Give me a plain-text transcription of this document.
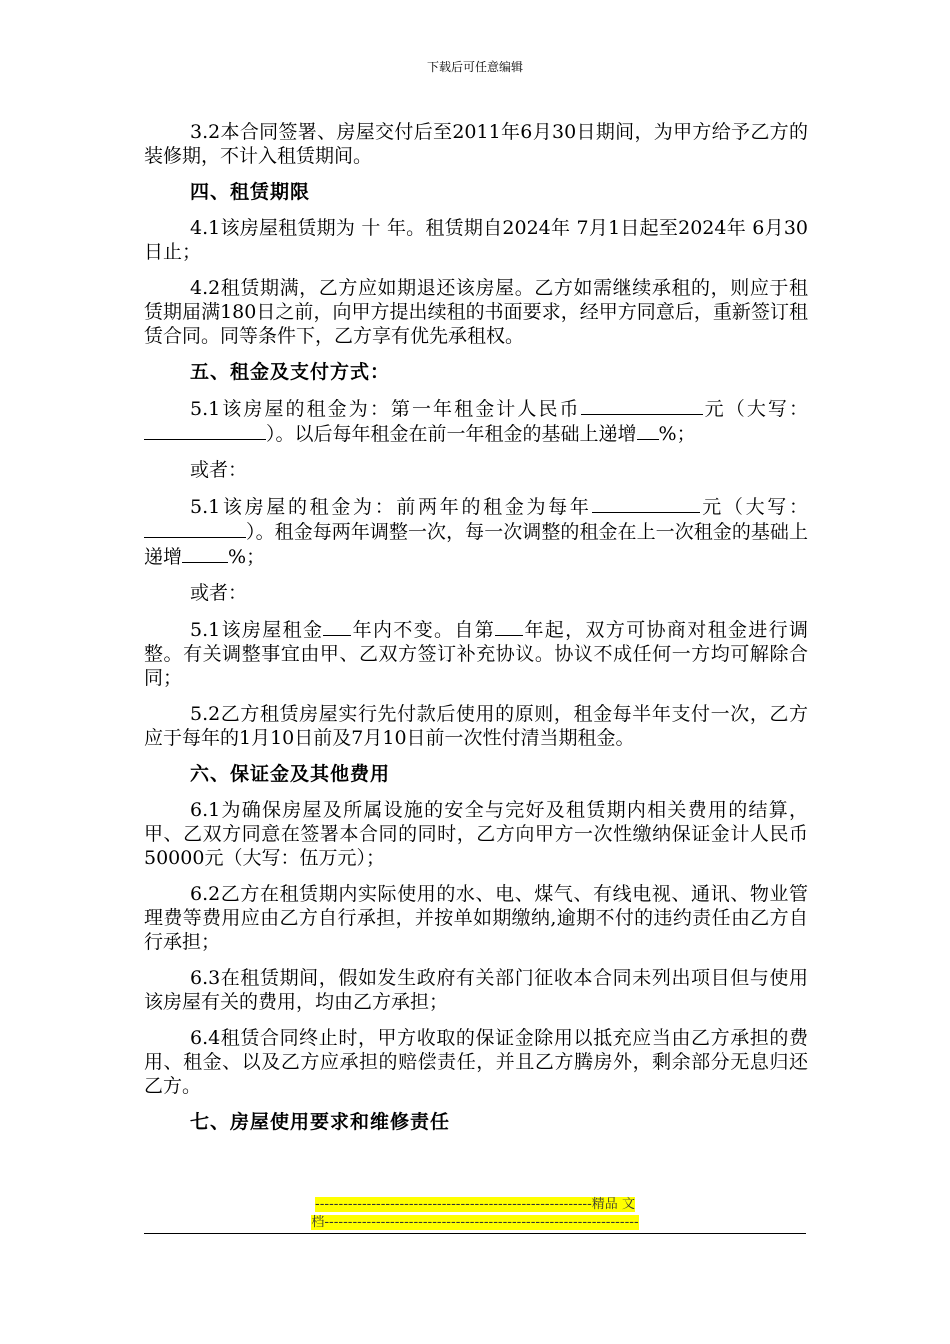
下载后可任意编辑

3.2本合同签署、房屋交付后至2011年6月30日期间，为甲方给予乙方的装修期，不计入租赁期间。

四、租赁期限

4.1该房屋租赁期为 十 年。租赁期自2024年 7月1日起至2024年 6月30日止；

4.2租赁期满，乙方应如期退还该房屋。乙方如需继续承租的，则应于租赁期届满180日之前，向甲方提出续租的书面要求，经甲方同意后，重新签订租赁合同。同等条件下，乙方享有优先承租权。

五、租金及支付方式：

5.1该房屋的租金为：第一年租金计人民币	元（大写：）。以后每年租金在前一年租金的基础上递增 %；

或者：

5.1该房屋的租金为：前两年的租金为每年	元（大写：）。租金每两年调整一次，每一次调整的租金在上一次租金的基础上递增 %；

或者：

5.1该房屋租金 年内不变。自第 年起，双方可协商对租金进行调整。有关调整事宜由甲、乙双方签订补充协议。协议不成任何一方均可解除合同；

5.2乙方租赁房屋实行先付款后使用的原则，租金每半年支付一次，乙方应于每年的1月10日前及7月10日前一次性付清当期租金。

六、保证金及其他费用

6.1为确保房屋及所属设施的安全与完好及租赁期内相关费用的结算，甲、乙双方同意在签署本合同的同时，乙方向甲方一次性缴纳保证金计人民币50000元（大写：伍万元）；

6.2乙方在租赁期内实际使用的水、电、煤气、有线电视、通讯、物业管理费等费用应由乙方自行承担，并按单如期缴纳,逾期不付的违约责任由乙方自行承担；

6.3在租赁期间，假如发生政府有关部门征收本合同未列出项目但与使用该房屋有关的费用，均由乙方承担；

6.4租赁合同终止时，甲方收取的保证金除用以抵充应当由乙方承担的费用、租金、以及乙方应承担的赔偿责任，并且乙方腾房外，剩余部分无息归还乙方。

七、房屋使用要求和维修责任

-----------------------------------------------------------精品 文
档-------------------------------------------------------------------
